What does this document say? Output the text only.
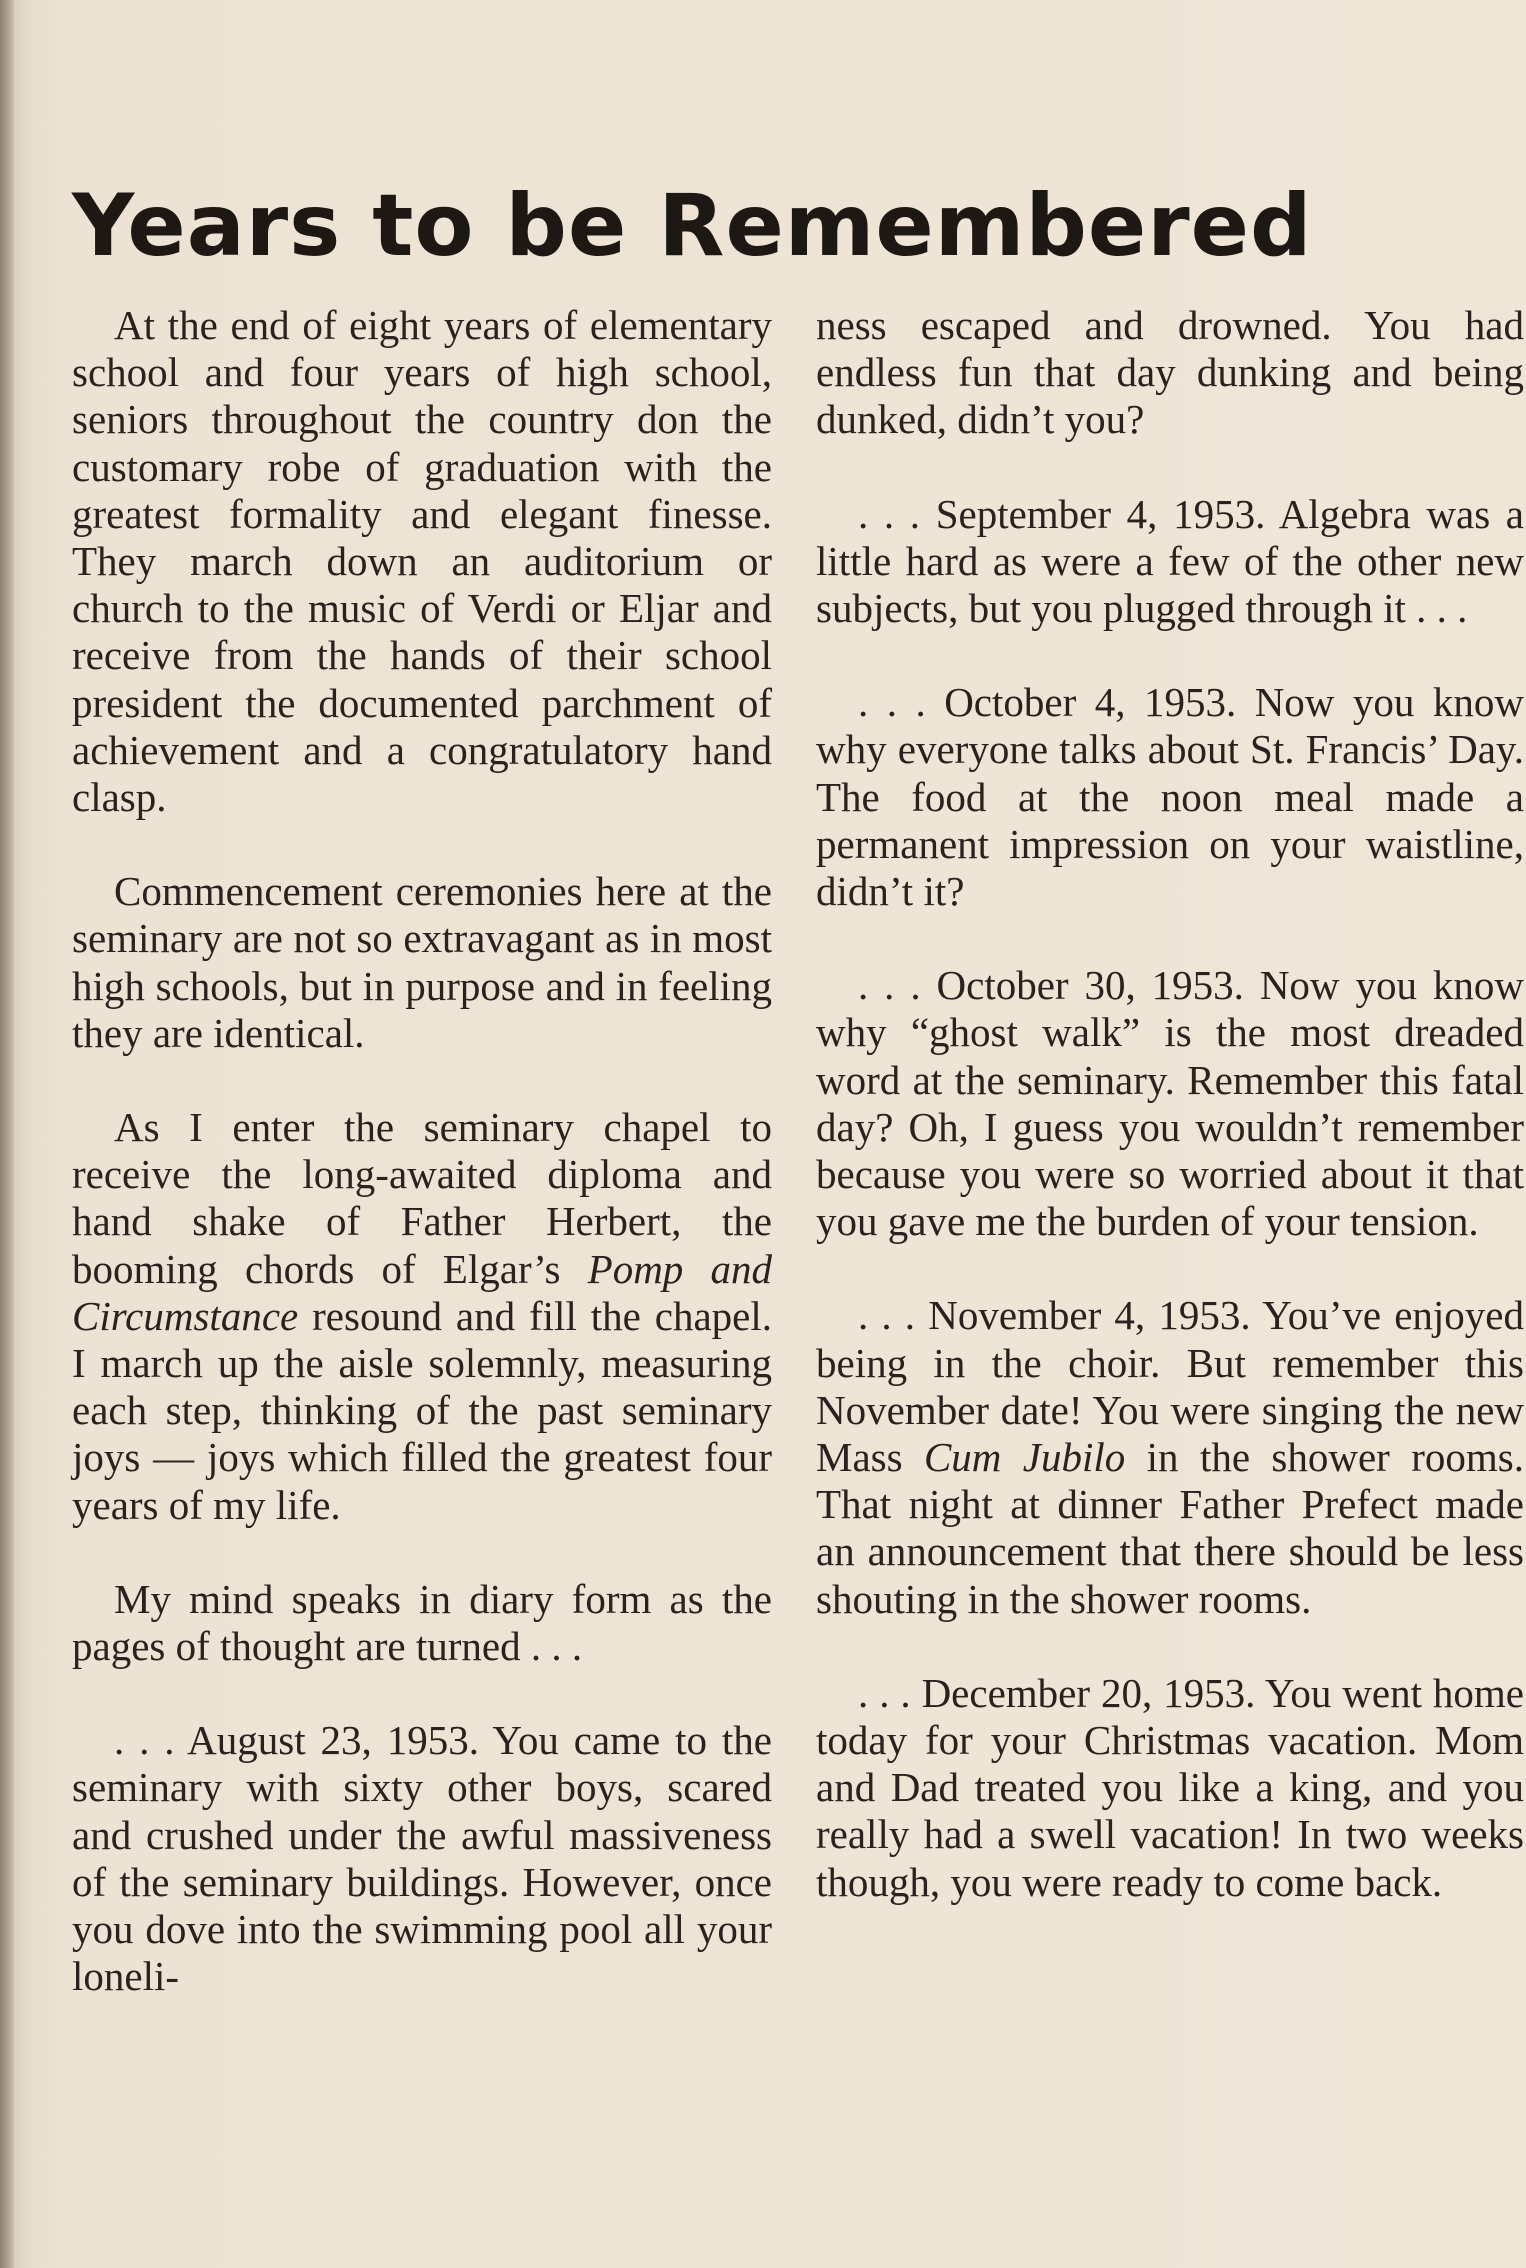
Years to be Remembered

At the end of eight years of elementary school and four years of high school, seniors throughout the country don the customary robe of graduation with the greatest formality and elegant finesse. They march down an auditorium or church to the music of Verdi or Eljar and receive from the hands of their school president the documented parchment of achievement and a congratulatory hand clasp.

Commencement ceremonies here at the seminary are not so extravagant as in most high schools, but in purpose and in feeling they are identical.

As I enter the seminary chapel to receive the long-awaited diploma and hand shake of Father Herbert, the booming chords of Elgar’s Pomp and Circumstance resound and fill the chapel. I march up the aisle solemnly, measuring each step, thinking of the past seminary joys — joys which filled the greatest four years of my life.

My mind speaks in diary form as the pages of thought are turned . . .

. . . August 23, 1953. You came to the seminary with sixty other boys, scared and crushed under the awful massiveness of the seminary buildings. However, once you dove into the swimming pool all your loneli-

ness escaped and drowned. You had endless fun that day dunking and being dunked, didn’t you?

. . . September 4, 1953. Algebra was a little hard as were a few of the other new subjects, but you plugged through it . . .

. . . October 4, 1953. Now you know why everyone talks about St. Francis’ Day. The food at the noon meal made a permanent impression on your waistline, didn’t it?

. . . October 30, 1953. Now you know why “ghost walk” is the most dreaded word at the seminary. Remember this fatal day? Oh, I guess you wouldn’t remember because you were so worried about it that you gave me the burden of your tension.

. . . November 4, 1953. You’ve enjoyed being in the choir. But remember this November date! You were singing the new Mass Cum Jubilo in the shower rooms. That night at dinner Father Prefect made an announcement that there should be less shouting in the shower rooms.

. . . December 20, 1953. You went home today for your Christmas vacation. Mom and Dad treated you like a king, and you really had a swell vacation! In two weeks though, you were ready to come back.
